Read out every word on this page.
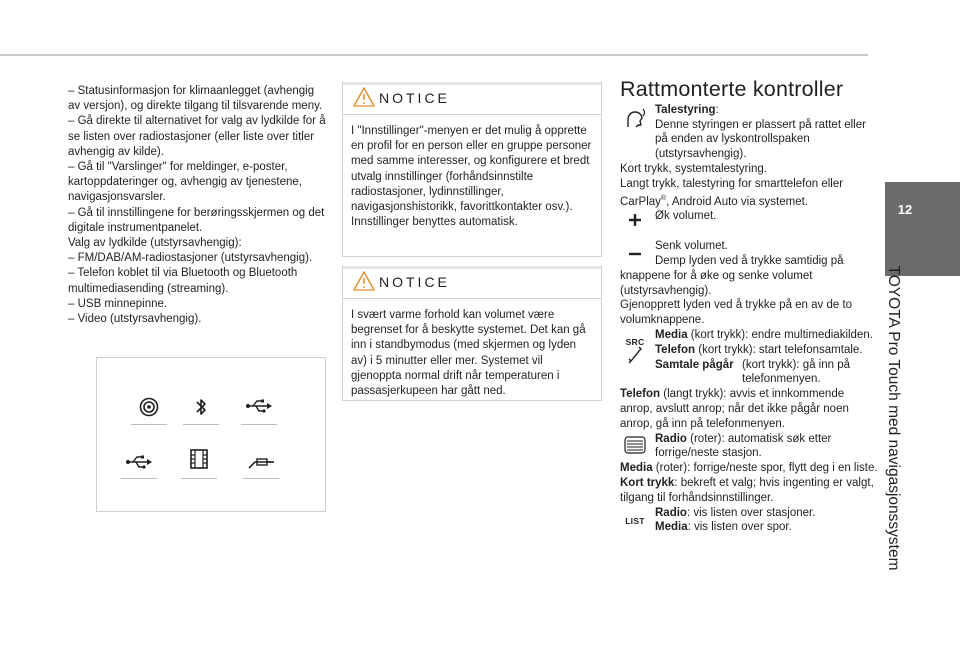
12
TOYOTA Pro Touch med navigasjonssystem

– Statusinformasjon for klimaanlegget (avhengig av versjon), og direkte tilgang til tilsvarende meny.

– Gå direkte til alternativet for valg av lydkilde for å se listen over radiostasjoner (eller liste over titler avhengig av kilde).

– Gå til "Varslinger" for meldinger, e-poster, kartoppdateringer og, avhengig av tjenestene, navigasjonsvarsler.

– Gå til innstillingene for berøringsskjermen og det digitale instrumentpanelet.

Valg av lydkilde (utstyrsavhengig):

– FM/DAB/AM-radiostasjoner (utstyrsavhengig).

– Telefon koblet til via Bluetooth og Bluetooth multimediasending (streaming).

– USB minnepinne.

– Video (utstyrsavhengig).

NOTICE
I "Innstillinger"-menyen er det mulig å opprette en profil for en person eller en gruppe personer med samme interesser, og konfigurere et bredt utvalg innstillinger (forhåndsinnstilte radiostasjoner, lydinnstillinger, navigasjonshistorikk, favorittkontakter osv.). Innstillinger benyttes automatisk.
NOTICE
I svært varme forhold kan volumet være begrenset for å beskytte systemet. Det kan gå inn i standbymodus (med skjermen og lyden av) i 5 minutter eller mer. Systemet vil gjenoppta normal drift når temperaturen i passasjerkupeen har gått ned.
Rattmonterte kontroller

Talestyring:

Denne styringen er plassert på rattet eller på enden av lyskontrollspaken (utstyrsavhengig).

Kort trykk, systemtalestyring.

Langt trykk, talestyring for smarttelefon eller CarPlay®, Android Auto via systemet.

Øk volumet.

Senk volumet.

Demp lyden ved å trykke samtidig på knappene for å øke og senke volumet (utstyrsavhengig).

Gjenopprett lyden ved å trykke på en av de to volumknappene.

SRC

Media (kort trykk): endre multimediakilden.

Telefon (kort trykk): start telefonsamtale.

Samtale pågår (kort trykk): gå inn på telefonmenyen.

Telefon (langt trykk): avvis et innkommende anrop, avslutt anrop; når det ikke pågår noen anrop, gå inn på telefonmenyen.

Radio (roter): automatisk søk etter forrige/neste stasjon.

Media (roter): forrige/neste spor, flytt deg i en liste.

Kort trykk: bekreft et valg; hvis ingenting er valgt, tilgang til forhåndsinnstillinger.

LIST

Radio: vis listen over stasjoner.

Media: vis listen over spor.
